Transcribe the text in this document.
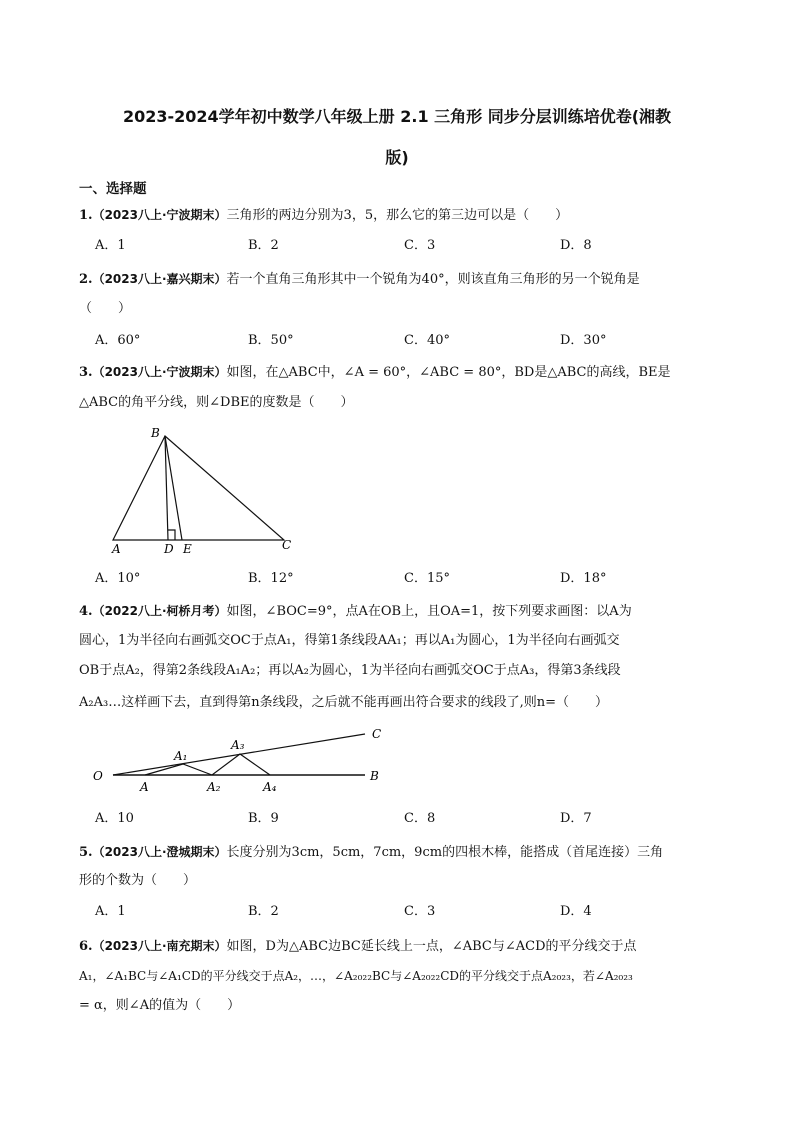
2023-2024学年初中数学八年级上册 2.1 三角形 同步分层训练培优卷(湘教
版)
一、选择题
1.（2023八上·宁波期末）三角形的两边分别为3，5，那么它的第三边可以是（　　）
A．1	B．2	C．3	D．8
2.（2023八上·嘉兴期末）若一个直角三角形其中一个锐角为40°，则该直角三角形的另一个锐角是
（　　）
A．60°	B．50°	C．40°	D．30°
3.（2023八上·宁波期末）如图，在△ABC中，∠A = 60°，∠ABC = 80°，BD是△ABC的高线，BE是
△ABC的角平分线，则∠DBE的度数是（　　）
B
A	D E	C
O
A
A₁
A₂
A₃
A₄
B
C
A．10°	B．12°	C．15°	D．18°
4.（2022八上·柯桥月考）如图，∠BOC=9°，点A在OB上，且OA=1，按下列要求画图：以A为
圆心，1为半径向右画弧交OC于点A₁，得第1条线段AA₁；再以A₁为圆心，1为半径向右画弧交
OB于点A₂，得第2条线段A₁A₂；再以A₂为圆心，1为半径向右画弧交OC于点A₃，得第3条线段
A₂A₃…这样画下去，直到得第n条线段，之后就不能再画出符合要求的线段了,则n=（　　）
A．10	B．9	C．8	D．7
5.（2023八上·澄城期末）长度分别为3cm，5cm，7cm，9cm的四根木棒，能搭成（首尾连接）三角
形的个数为（　　）
A．1	B．2	C．3	D．4
6.（2023八上·南充期末）如图，D为△ABC边BC延长线上一点，∠ABC与∠ACD的平分线交于点
A₁，∠A₁BC与∠A₁CD的平分线交于点A₂，…，∠A₂₀₂₂BC与∠A₂₀₂₂CD的平分线交于点A₂₀₂₃，若∠A₂₀₂₃
= α，则∠A的值为（　　）
